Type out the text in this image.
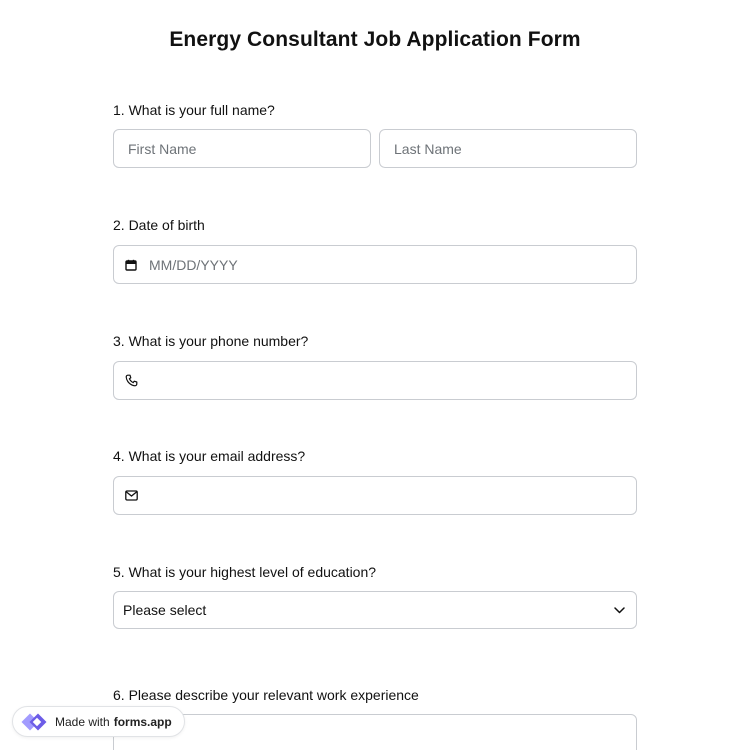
Energy Consultant Job Application Form
1. What is your full name?
First Name
Last Name
2. Date of birth
MM/DD/YYYY
3. What is your phone number?
4. What is your email address?
5. What is your highest level of education?
Please select
6. Please describe your relevant work experience
Made with forms.app
